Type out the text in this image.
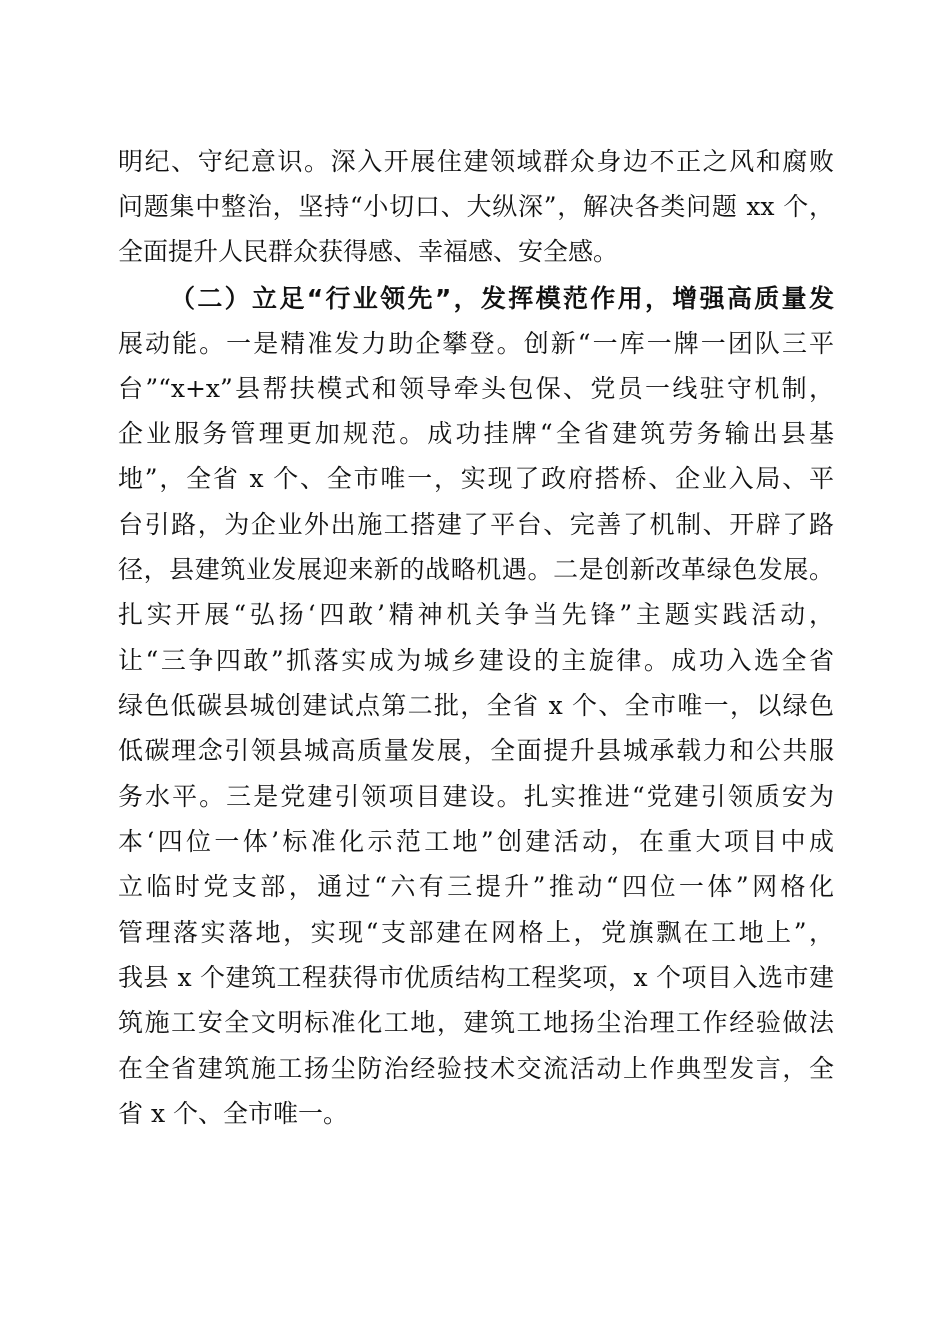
明纪、守纪意识。深入开展住建领域群众身边不正之风和腐败
问题集中整治，坚持“小切口、大纵深”，解决各类问题 xx 个，
全面提升人民群众获得感、幸福感、安全感。
（二）立足“行业领先”，发挥模范作用，增强高质量发
展动能。一是精准发力助企攀登。创新“一库一牌一团队三平
台”“x+x”县帮扶模式和领导牵头包保、党员一线驻守机制，
企业服务管理更加规范。成功挂牌“全省建筑劳务输出县基
地”，全省 x 个、全市唯一，实现了政府搭桥、企业入局、平
台引路，为企业外出施工搭建了平台、完善了机制、开辟了路
径，县建筑业发展迎来新的战略机遇。二是创新改革绿色发展。
扎实开展“弘扬‘四敢’精神机关争当先锋”主题实践活动，
让“三争四敢”抓落实成为城乡建设的主旋律。成功入选全省
绿色低碳县城创建试点第二批，全省 x 个、全市唯一，以绿色
低碳理念引领县城高质量发展，全面提升县城承载力和公共服
务水平。三是党建引领项目建设。扎实推进“党建引领质安为
本‘四位一体’标准化示范工地”创建活动，在重大项目中成
立临时党支部，通过“六有三提升”推动“四位一体”网格化
管理落实落地，实现“支部建在网格上，党旗飘在工地上”，
我县 x 个建筑工程获得市优质结构工程奖项，x 个项目入选市建
筑施工安全文明标准化工地，建筑工地扬尘治理工作经验做法
在全省建筑施工扬尘防治经验技术交流活动上作典型发言，全
省 x 个、全市唯一。
